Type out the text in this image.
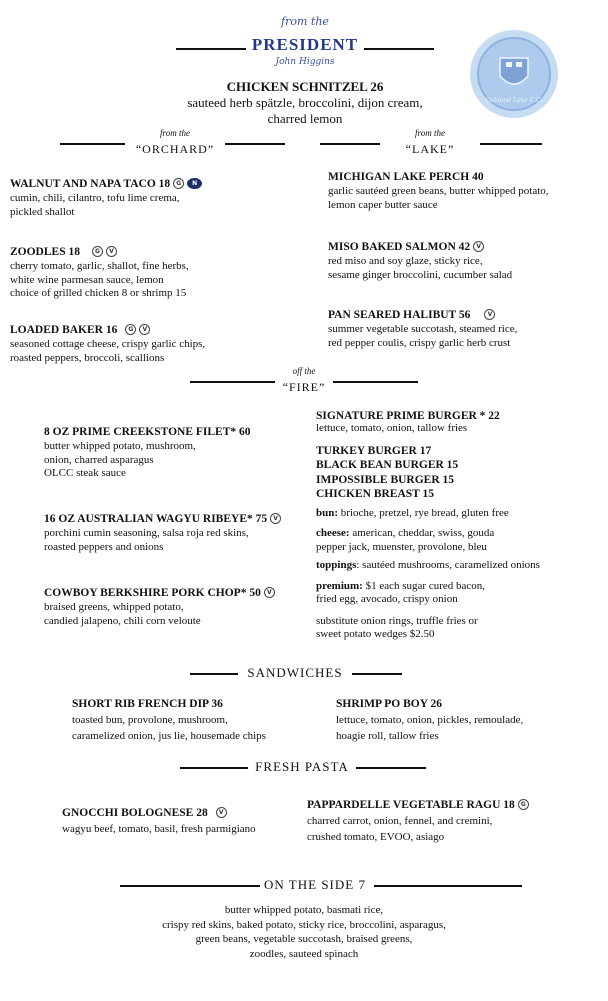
from the
PRESIDENT
John Higgins
Oakland Lake C.C.
CHICKEN SCHNITZEL 26
sauteed herb spätzle, broccolini, dijon cream,
charred lemon
from the
“ORCHARD”
from the
“LAKE”
WALNUT AND NAPA TACO 18 G N
cumin, chili, cilantro, tofu lime crema,
pickled shallot
ZOODLES 18	G V
cherry tomato, garlic, shallot, fine herbs,
white wine parmesan sauce, lemon
choice of grilled chicken 8 or shrimp 15
LOADED BAKER 16 G V
seasoned cottage cheese, crispy garlic chips,
roasted peppers, broccoli, scallions
MICHIGAN LAKE PERCH 40
garlic sautéed green beans, butter whipped potato,
lemon caper butter sauce
MISO BAKED SALMON 42 V
red miso and soy glaze, sticky rice,
sesame ginger broccolini, cucumber salad
PAN SEARED HALIBUT 56	V
summer vegetable succotash, steamed rice,
red pepper coulis, crispy garlic herb crust
off the
“FIRE”
8 OZ PRIME CREEKSTONE FILET* 60
butter whipped potato, mushroom,
onion, charred asparagus
OLCC steak sauce
16 OZ AUSTRALIAN WAGYU RIBEYE* 75 V
porchini cumin seasoning, salsa roja red skins,
roasted peppers and onions
COWBOY BERKSHIRE PORK CHOP* 50 V
braised greens, whipped potato,
candied jalapeno, chili corn veloute
SIGNATURE PRIME BURGER * 22
lettuce, tomato, onion, tallow fries
TURKEY BURGER 17
BLACK BEAN BURGER 15
IMPOSSIBLE BURGER 15
CHICKEN BREAST 15
bun: brioche, pretzel, rye bread, gluten free
cheese: american, cheddar, swiss, gouda
pepper jack, muenster, provolone, bleu
toppings: sautéed mushrooms, caramelized onions
premium: $1 each sugar cured bacon,
fried egg, avocado, crispy onion
substitute onion rings, truffle fries or
sweet potato wedges $2.50
SANDWICHES
SHORT RIB FRENCH DIP 36
toasted bun, provolone, mushroom,
caramelized onion, jus lie, housemade chips
SHRIMP PO BOY 26
lettuce, tomato, onion, pickles, remoulade,
hoagie roll, tallow fries
FRESH PASTA
GNOCCHI BOLOGNESE 28 V
wagyu beef, tomato, basil, fresh parmigiano
PAPPARDELLE VEGETABLE RAGU 18 G
charred carrot, onion, fennel, and cremini,
crushed tomato, EVOO, asiago
ON THE SIDE 7
butter whipped potato, basmati rice,
crispy red skins, baked potato, sticky rice, broccolini, asparagus,
green beans, vegetable succotash, braised greens,
zoodles, sauteed spinach
